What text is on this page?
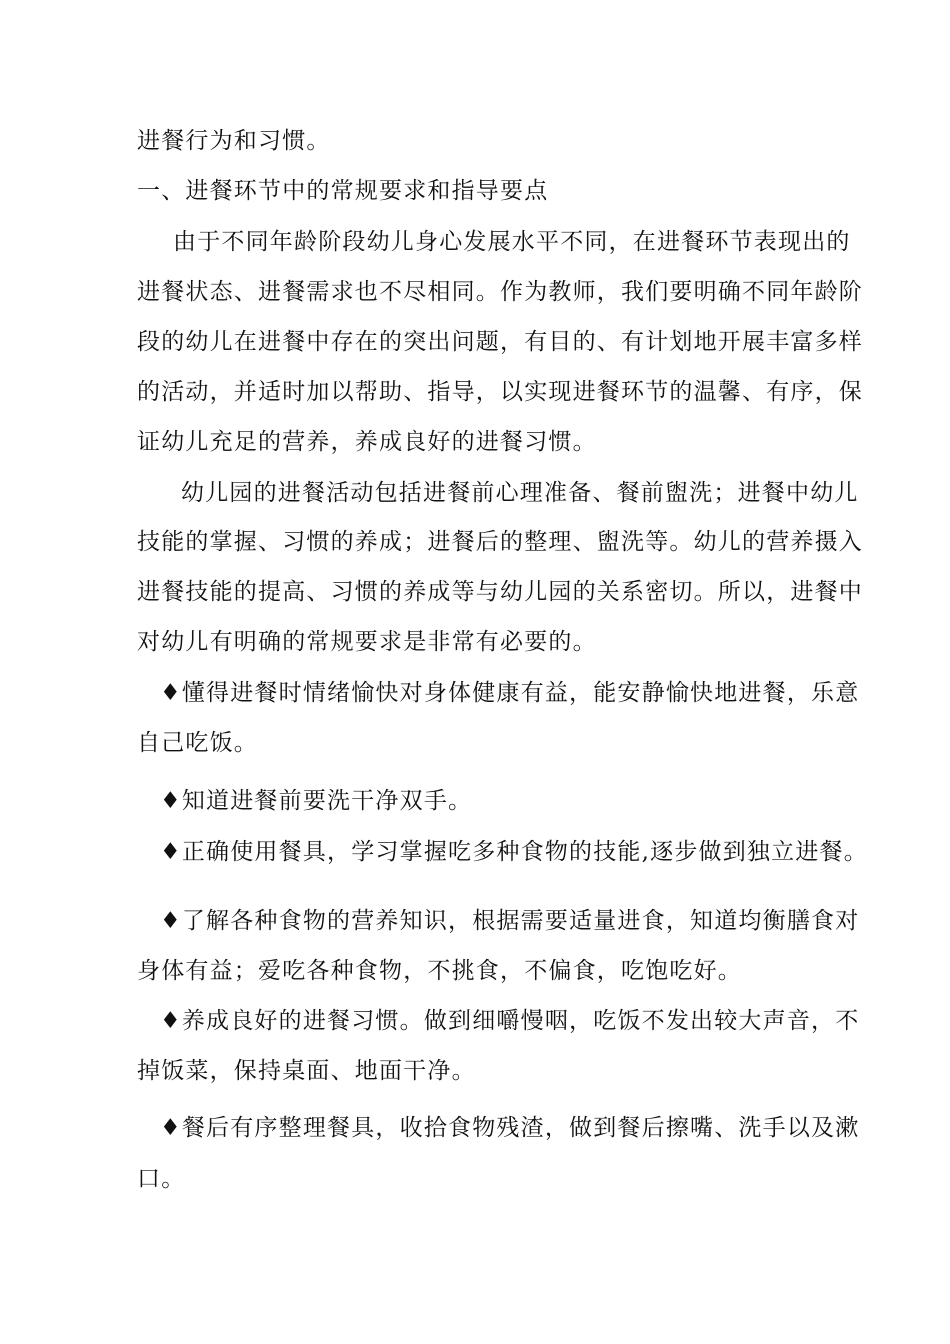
进餐行为和习惯。
一、进餐环节中的常规要求和指导要点
由于不同年龄阶段幼儿身心发展水平不同，在进餐环节表现出的
进餐状态、进餐需求也不尽相同。作为教师，我们要明确不同年龄阶
段的幼儿在进餐中存在的突出问题，有目的、有计划地开展丰富多样
的活动，并适时加以帮助、指导，以实现进餐环节的温馨、有序，保
证幼儿充足的营养，养成良好的进餐习惯。
幼儿园的进餐活动包括进餐前心理准备、餐前盥洗；进餐中幼儿
技能的掌握、习惯的养成；进餐后的整理、盥洗等。幼儿的营养摄入
进餐技能的提高、习惯的养成等与幼儿园的关系密切。所以，进餐中
对幼儿有明确的常规要求是非常有必要的。
♦懂得进餐时情绪愉快对身体健康有益，能安静愉快地进餐，乐意
自己吃饭。
♦知道进餐前要洗干净双手。
♦正确使用餐具，学习掌握吃多种食物的技能,逐步做到独立进餐。
♦了解各种食物的营养知识，根据需要适量进食，知道均衡膳食对
身体有益；爱吃各种食物，不挑食，不偏食，吃饱吃好。
♦养成良好的进餐习惯。做到细嚼慢咽，吃饭不发出较大声音，不
掉饭菜，保持桌面、地面干净。
♦餐后有序整理餐具，收拾食物残渣，做到餐后擦嘴、洗手以及漱
口。
